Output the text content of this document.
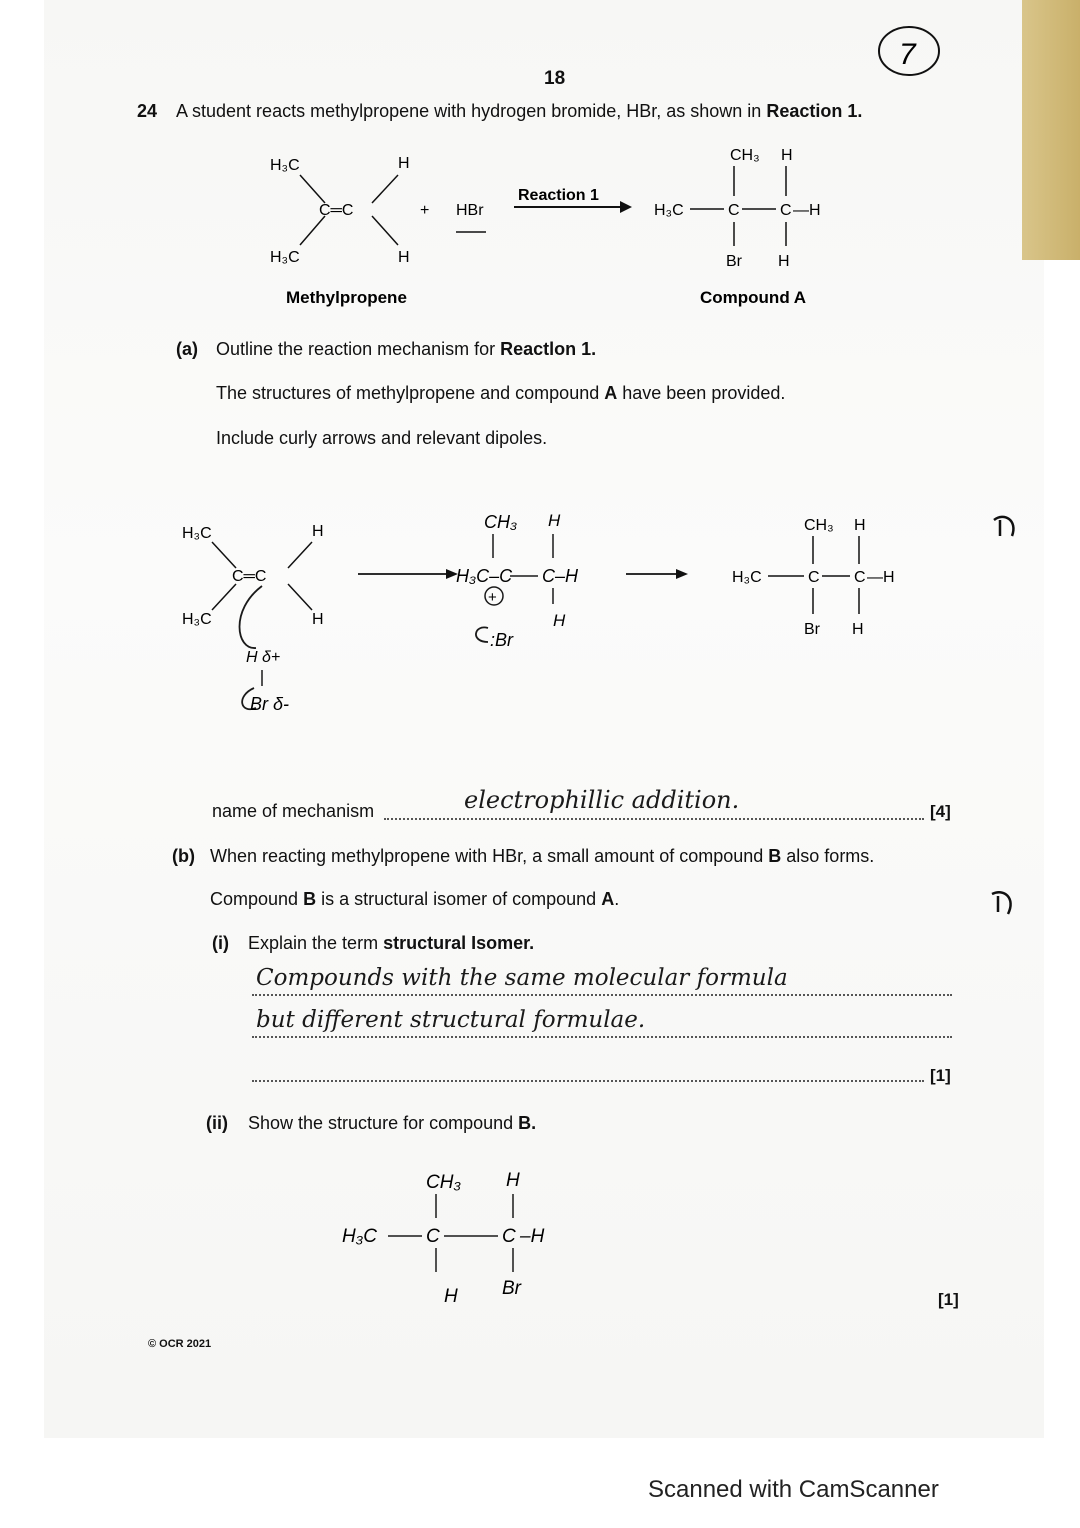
18
7
24 A student reacts methylpropene with hydrogen bromide, HBr, as shown in Reaction 1.
H₃C	H
H₃C	H
C═C	+ HBr
Reaction 1
H₃C	C	C —H
CH₃ H
Br H
Methylpropene	Compound A
(a) Outline the reaction mechanism for Reactlon 1.
The structures of methylpropene and compound A have been provided.
Include curly arrows and relevant dipoles.
H₃C	H
H₃C	H
C═C
H δ+
Br δ-
CH₃ H
H₃C–C C–H
+
H
:Br
H₃C	C C —H
CH₃ H
Br H
name of mechanism	electrophillic addition.	[4]
(b) When reacting methylpropene with HBr, a small amount of compound B also forms.
Compound B is a structural isomer of compound A.
(i) Explain the term structural Isomer.
Compounds with the same molecular formula
but different structural formulae.
[1]
(ii) Show the structure for compound B.
CH₃ H
H₃C	C	C –H
H Br
[1]
© OCR 2021
Scanned with CamScanner
